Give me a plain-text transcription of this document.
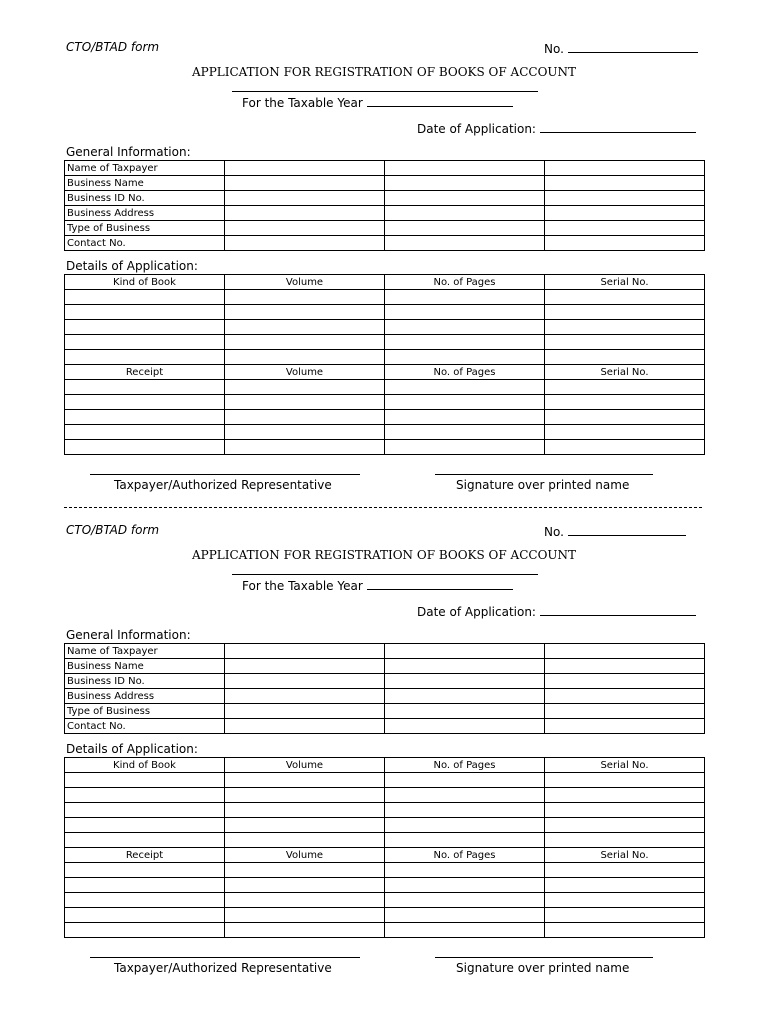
CTO/BTAD form	No.
APPLICATION FOR REGISTRATION OF BOOKS OF ACCOUNT
For the Taxable Year
Date of Application:
General Information:
Name of Taxpayer			
Business Name			
Business ID No.			
Business Address			
Type of Business			
Contact No.			
Details of Application:
Kind of Book	Volume	No. of Pages	Serial No.

Receipt	Volume	No. of Pages	Serial No.

Taxpayer/Authorized Representative	Signature over printed name
CTO/BTAD form	No.
APPLICATION FOR REGISTRATION OF BOOKS OF ACCOUNT
For the Taxable Year
Date of Application:
General Information:
Name of Taxpayer			
Business Name			
Business ID No.			
Business Address			
Type of Business			
Contact No.			
Details of Application:
Kind of Book	Volume	No. of Pages	Serial No.

Receipt	Volume	No. of Pages	Serial No.

Taxpayer/Authorized Representative	Signature over printed name
